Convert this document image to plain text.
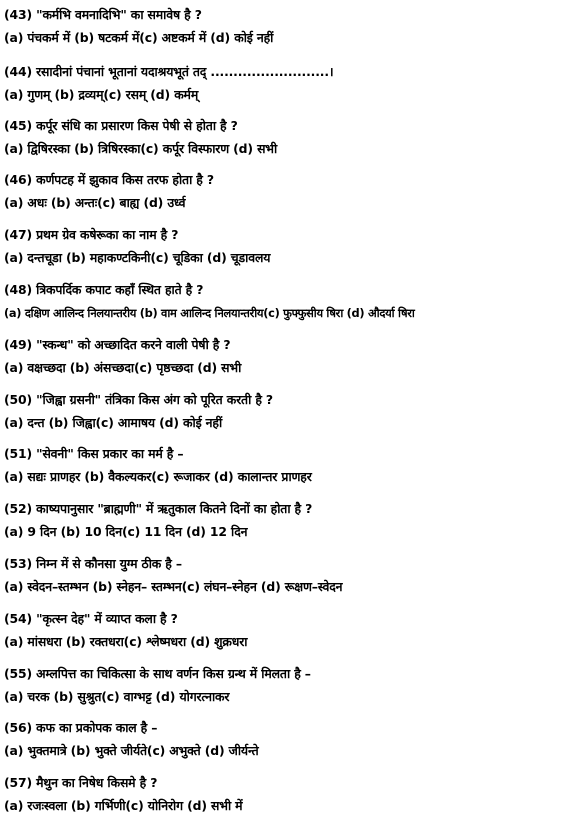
(43) "कर्मभि वमनादिभि" का समावेष है ?
(a) पंचकर्म में (b) षटकर्म में(c) अष्टकर्म में (d) कोई नहीं
(44) रसादीनां पंचानां भूतानां यदाश्रयभूतं तद् ..........................।
(a) गुणम् (b) द्रव्यम्(c) रसम् (d) कर्मम्
(45) कर्पूर संधि का प्रसारण किस पेषी से होता है ?
(a) द्विषिरस्का (b) त्रिषिरस्का(c) कर्पूर विस्फारण (d) सभी
(46) कर्णपटह में झुकाव किस तरफ होता है ?
(a) अधः (b) अन्तः(c) बाह्य (d) उर्ध्व
(47) प्रथम ग्रेव कषेरूका का नाम है ?
(a) दन्तचूडा (b) महाकण्टकिनी(c) चूडिका (d) चूडावलय
(48) त्रिकपर्दिक कपाट कहाँ स्थित हाते है ?
(a) दक्षिण आलिन्द निलयान्तरीय (b) वाम आलिन्द निलयान्तरीय(c) फुफ्फुसीय षिरा (d) औदर्या षिरा
(49) "स्कन्ध" को अच्छादित करने वाली पेषी है ?
(a) वक्षच्छदा (b) अंसच्छदा(c) पृष्ठच्छदा (d) सभी
(50) "जिह्वा ग्रसनी" तंत्रिका किस अंग को पूरित करती है ?
(a) दन्त (b) जिह्वा(c) आमाषय (d) कोई नहीं
(51) "सेवनी" किस प्रकार का मर्म है –
(a) सद्यः प्राणहर (b) वैकल्यकर(c) रूजाकर (d) कालान्तर प्राणहर
(52) काष्यपानुसार "ब्राह्मणी" में ऋतुकाल कितने दिनों का होता है ?
(a) 9 दिन (b) 10 दिन(c) 11 दिन (d) 12 दिन
(53) निम्न में से कौनसा युग्म ठीक है –
(a) स्वेदन–स्तम्भन (b) स्नेहन– स्तम्भन(c) लंघन–स्नेहन (d) रूक्षण–स्वेदन
(54) "कृत्स्न देह" में व्याप्त कला है ?
(a) मांसधरा (b) रक्तधरा(c) श्लेष्मधरा (d) शुक्रधरा
(55) अम्लपित्त का चिकित्सा के साथ वर्णन किस ग्रन्थ में मिलता है –
(a) चरक (b) सुश्रुत(c) वाग्भट्ट (d) योगरत्नाकर
(56) कफ का प्रकोपक काल है –
(a) भुक्तमात्रे (b) भुक्ते जीर्यते(c) अभुक्ते (d) जीर्यन्ते
(57) मैथुन का निषेध किसमे है ?
(a) रजःस्वला (b) गर्भिणी(c) योनिरोग (d) सभी में
